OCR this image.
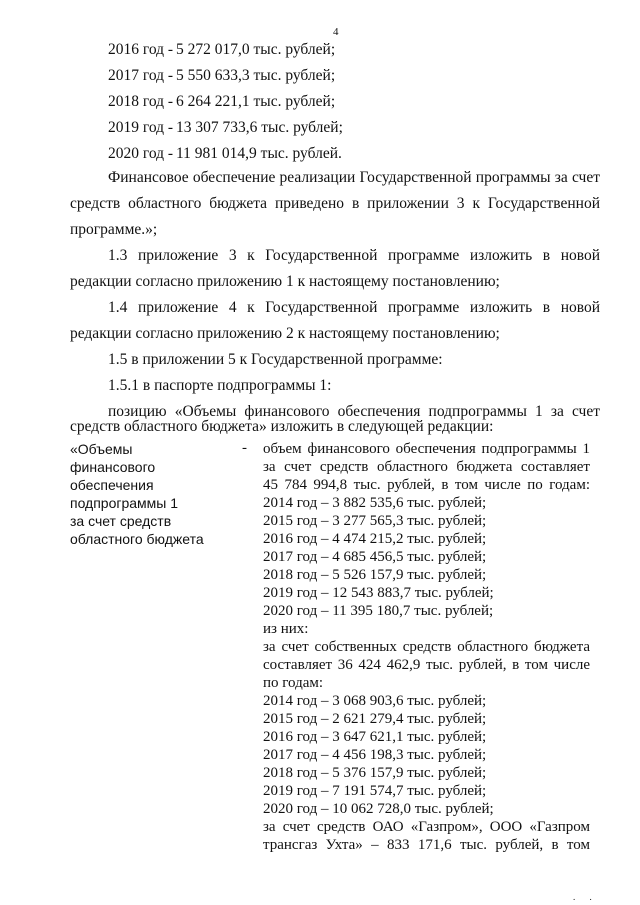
4
2016 год - 5 272 017,0 тыс. рублей;
2017 год - 5 550 633,3 тыс. рублей;
2018 год - 6 264 221,1 тыс. рублей;
2019 год - 13 307 733,6 тыс. рублей;
2020 год - 11 981 014,9 тыс. рублей.
Финансовое обеспечение реализации Государственной программы за счет
средств областного бюджета приведено в приложении 3 к Государственной
программе.»;
1.3 приложение 3 к Государственной программе изложить в новой
редакции согласно приложению 1 к настоящему постановлению;
1.4 приложение 4 к Государственной программе изложить в новой
редакции согласно приложению 2 к настоящему постановлению;
1.5 в приложении 5 к Государственной программе:
1.5.1 в паспорте подпрограммы 1:
позицию «Объемы финансового обеспечения подпрограммы 1 за счет
средств областного бюджета» изложить в следующей редакции:
«Объемы
финансового
обеспечения
подпрограммы 1
за счет средств
областного бюджета
- объем финансового обеспечения подпрограммы 1
за счет средств областного бюджета составляет
45 784 994,8 тыс. рублей, в том числе по годам:
2014 год – 3 882 535,6 тыс. рублей;
2015 год – 3 277 565,3 тыс. рублей;
2016 год – 4 474 215,2 тыс. рублей;
2017 год – 4 685 456,5 тыс. рублей;
2018 год – 5 526 157,9 тыс. рублей;
2019 год – 12 543 883,7 тыс. рублей;
2020 год – 11 395 180,7 тыс. рублей;
из них:
за счет собственных средств областного бюджета
составляет 36 424 462,9 тыс. рублей, в том числе
по годам:
2014 год – 3 068 903,6 тыс. рублей;
2015 год – 2 621 279,4 тыс. рублей;
2016 год – 3 647 621,1 тыс. рублей;
2017 год – 4 456 198,3 тыс. рублей;
2018 год – 5 376 157,9 тыс. рублей;
2019 год – 7 191 574,7 тыс. рублей;
2020 год – 10 062 728,0 тыс. рублей;
за счет средств ОАО «Газпром», ООО «Газпром
трансгаз Ухта» – 833 171,6 тыс. рублей, в том
. .
